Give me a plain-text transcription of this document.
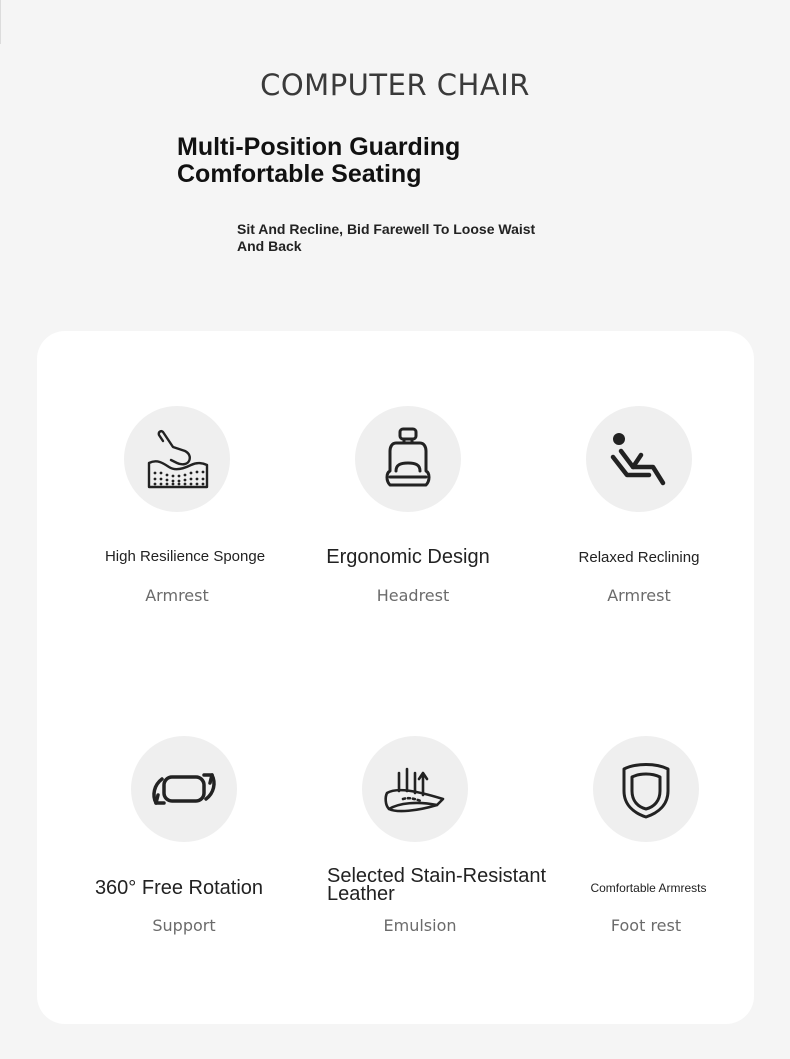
COMPUTER CHAIR
Multi-Position Guarding
Comfortable Seating
Sit And Recline, Bid Farewell To Loose Waist And Back
High Resilience Sponge
Armrest
Ergonomic Design
Headrest
Relaxed Reclining
Armrest
360° Free Rotation
Support
Selected Stain-Resistant Leather
Emulsion
Comfortable Armrests
Foot rest
